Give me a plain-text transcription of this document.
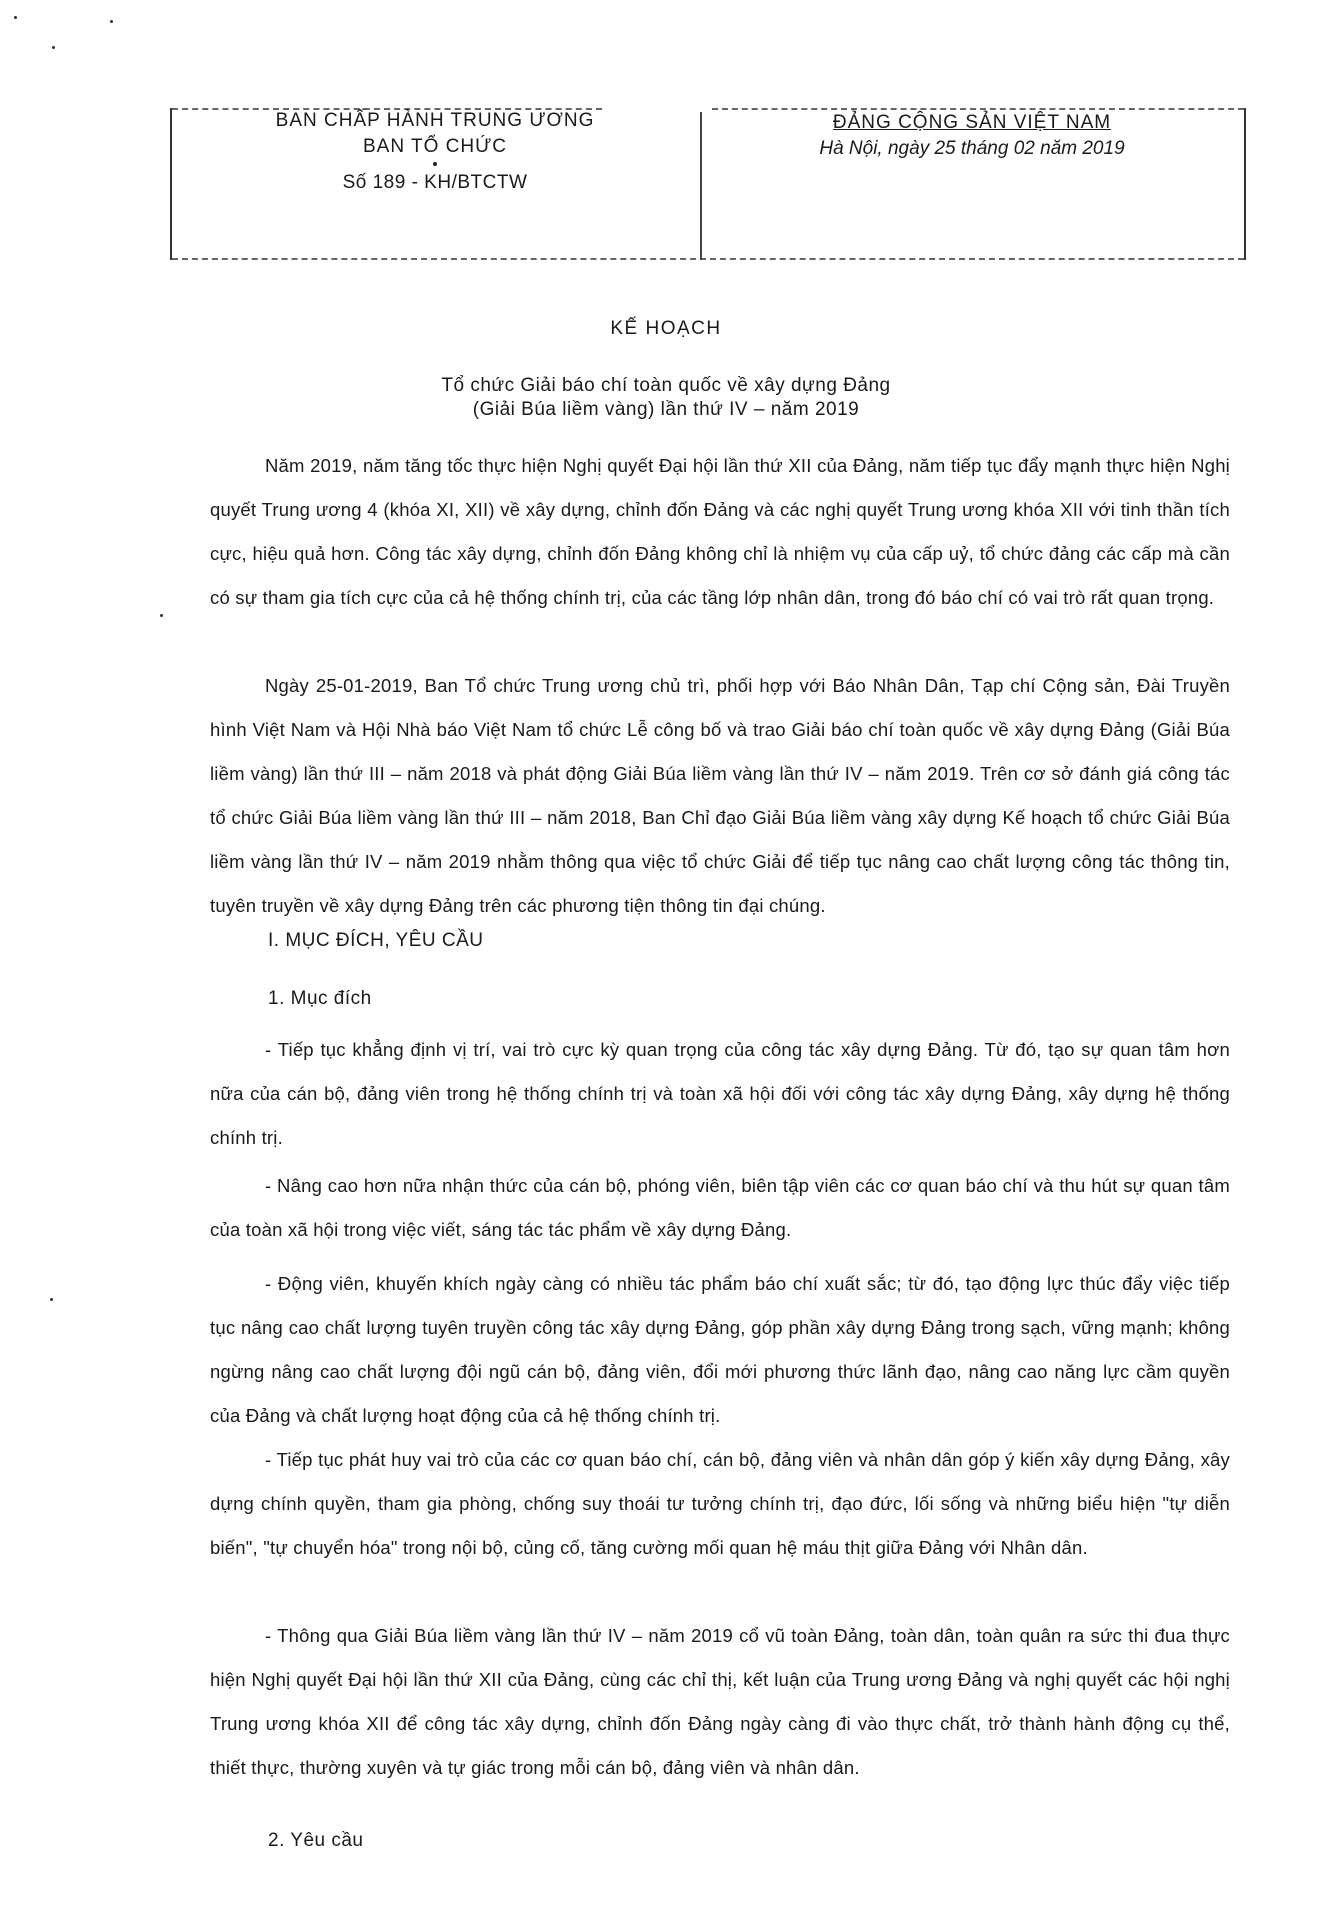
BAN CHẤP HÀNH TRUNG ƯƠNG
BAN TỔ CHỨC
Số 189 - KH/BTCTW
ĐẢNG CỘNG SẢN VIỆT NAM
Hà Nội, ngày 25 tháng 02 năm 2019
KẾ HOẠCH
Tổ chức Giải báo chí toàn quốc về xây dựng Đảng
(Giải Búa liềm vàng) lần thứ IV – năm 2019
Năm 2019, năm tăng tốc thực hiện Nghị quyết Đại hội lần thứ XII của Đảng, năm tiếp tục đẩy mạnh thực hiện Nghị quyết Trung ương 4 (khóa XI, XII) về xây dựng, chỉnh đốn Đảng và các nghị quyết Trung ương khóa XII với tinh thần tích cực, hiệu quả hơn. Công tác xây dựng, chỉnh đốn Đảng không chỉ là nhiệm vụ của cấp uỷ, tổ chức đảng các cấp mà cần có sự tham gia tích cực của cả hệ thống chính trị, của các tầng lớp nhân dân, trong đó báo chí có vai trò rất quan trọng.
Ngày 25-01-2019, Ban Tổ chức Trung ương chủ trì, phối hợp với Báo Nhân Dân, Tạp chí Cộng sản, Đài Truyền hình Việt Nam và Hội Nhà báo Việt Nam tổ chức Lễ công bố và trao Giải báo chí toàn quốc về xây dựng Đảng (Giải Búa liềm vàng) lần thứ III – năm 2018 và phát động Giải Búa liềm vàng lần thứ IV – năm 2019. Trên cơ sở đánh giá công tác tổ chức Giải Búa liềm vàng lần thứ III – năm 2018, Ban Chỉ đạo Giải Búa liềm vàng xây dựng Kế hoạch tổ chức Giải Búa liềm vàng lần thứ IV – năm 2019 nhằm thông qua việc tổ chức Giải để tiếp tục nâng cao chất lượng công tác thông tin, tuyên truyền về xây dựng Đảng trên các phương tiện thông tin đại chúng.
I. MỤC ĐÍCH, YÊU CẦU
1. Mục đích
- Tiếp tục khẳng định vị trí, vai trò cực kỳ quan trọng của công tác xây dựng Đảng. Từ đó, tạo sự quan tâm hơn nữa của cán bộ, đảng viên trong hệ thống chính trị và toàn xã hội đối với công tác xây dựng Đảng, xây dựng hệ thống chính trị.
- Nâng cao hơn nữa nhận thức của cán bộ, phóng viên, biên tập viên các cơ quan báo chí và thu hút sự quan tâm của toàn xã hội trong việc viết, sáng tác tác phẩm về xây dựng Đảng.
- Động viên, khuyến khích ngày càng có nhiều tác phẩm báo chí xuất sắc; từ đó, tạo động lực thúc đẩy việc tiếp tục nâng cao chất lượng tuyên truyền công tác xây dựng Đảng, góp phần xây dựng Đảng trong sạch, vững mạnh; không ngừng nâng cao chất lượng đội ngũ cán bộ, đảng viên, đổi mới phương thức lãnh đạo, nâng cao năng lực cầm quyền của Đảng và chất lượng hoạt động của cả hệ thống chính trị.
- Tiếp tục phát huy vai trò của các cơ quan báo chí, cán bộ, đảng viên và nhân dân góp ý kiến xây dựng Đảng, xây dựng chính quyền, tham gia phòng, chống suy thoái tư tưởng chính trị, đạo đức, lối sống và những biểu hiện "tự diễn biến", "tự chuyển hóa" trong nội bộ, củng cố, tăng cường mối quan hệ máu thịt giữa Đảng với Nhân dân.
- Thông qua Giải Búa liềm vàng lần thứ IV – năm 2019 cổ vũ toàn Đảng, toàn dân, toàn quân ra sức thi đua thực hiện Nghị quyết Đại hội lần thứ XII của Đảng, cùng các chỉ thị, kết luận của Trung ương Đảng và nghị quyết các hội nghị Trung ương khóa XII để công tác xây dựng, chỉnh đốn Đảng ngày càng đi vào thực chất, trở thành hành động cụ thể, thiết thực, thường xuyên và tự giác trong mỗi cán bộ, đảng viên và nhân dân.
2. Yêu cầu
